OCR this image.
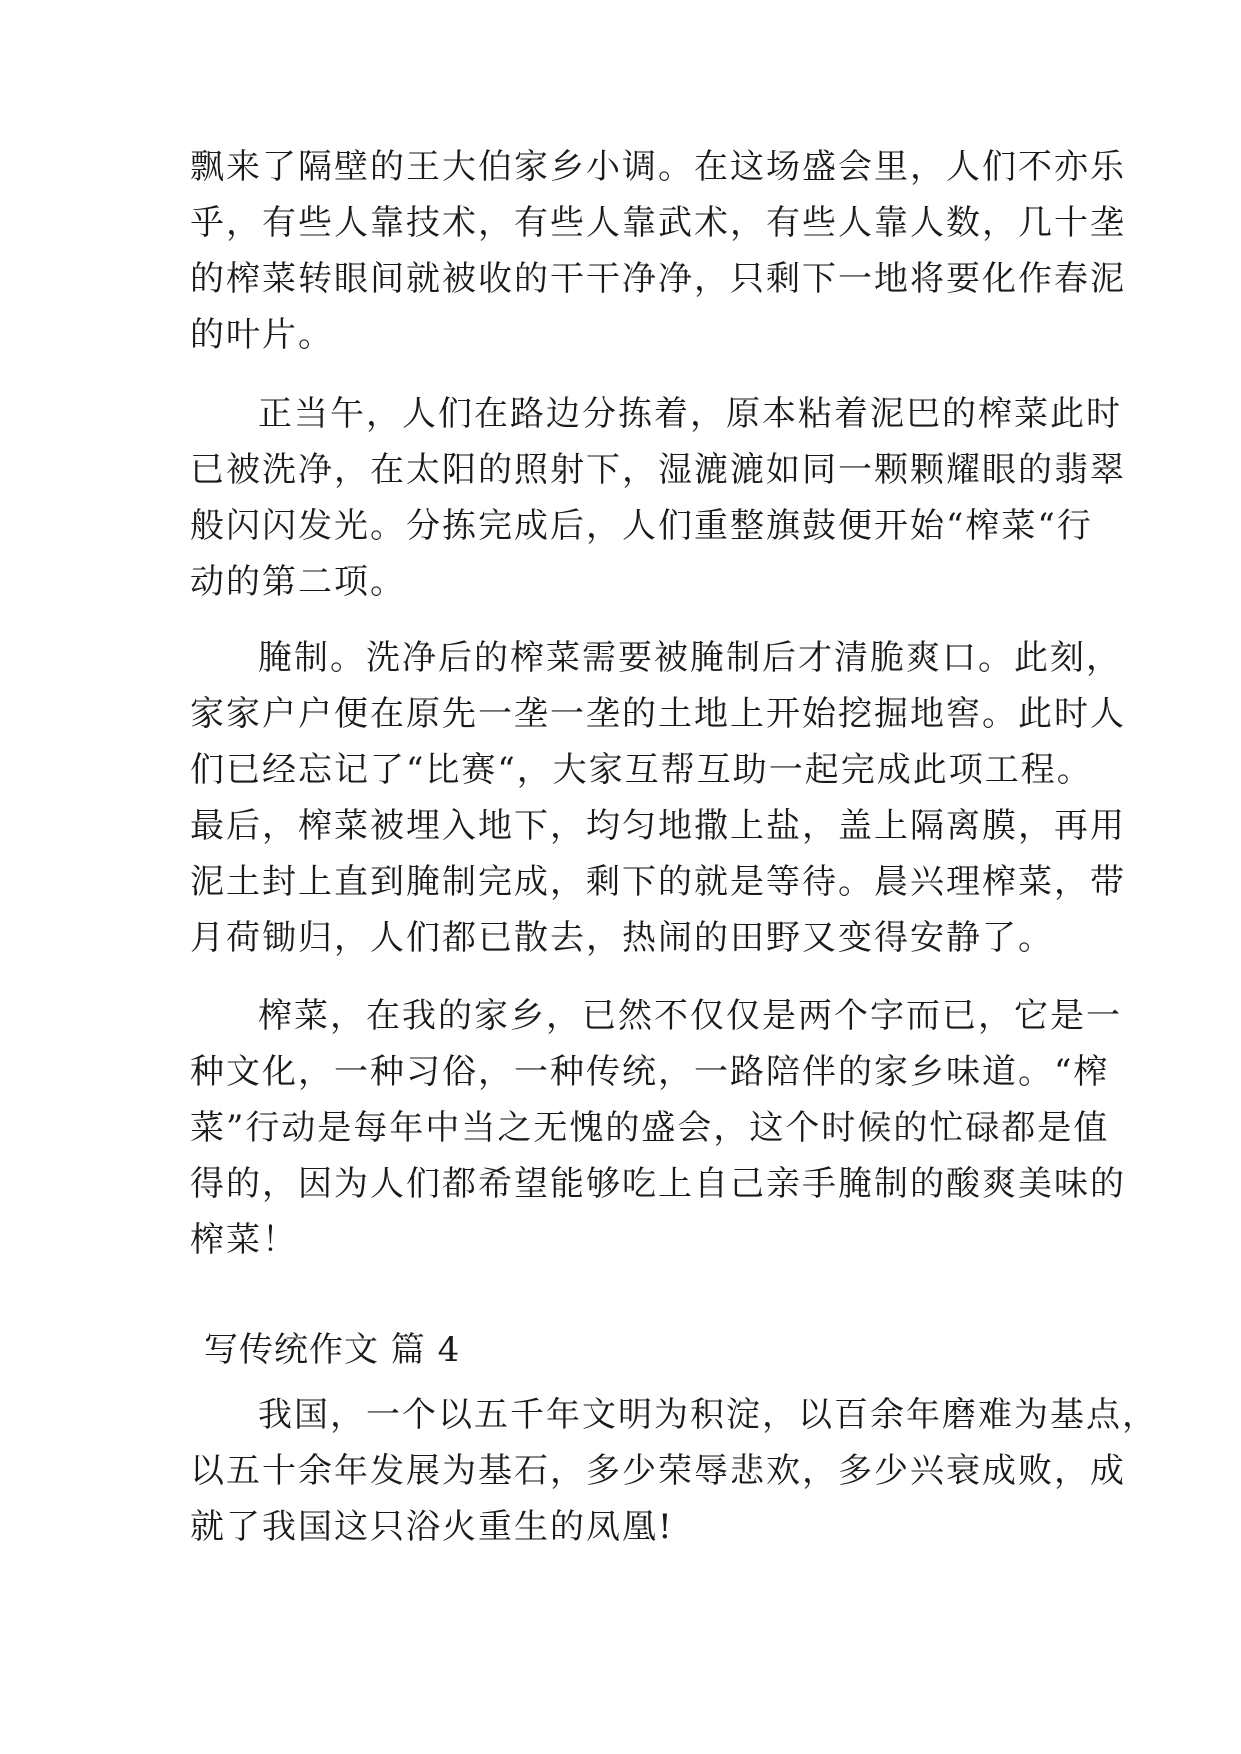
飘来了隔壁的王大伯家乡小调。在这场盛会里，人们不亦乐
乎，有些人靠技术，有些人靠武术，有些人靠人数，几十垄
的榨菜转眼间就被收的干干净净，只剩下一地将要化作春泥
的叶片。
正当午，人们在路边分拣着，原本粘着泥巴的榨菜此时
已被洗净，在太阳的照射下，湿漉漉如同一颗颗耀眼的翡翠
般闪闪发光。分拣完成后，人们重整旗鼓便开始“榨菜“行
动的第二项。
腌制。洗净后的榨菜需要被腌制后才清脆爽口。此刻，
家家户户便在原先一垄一垄的土地上开始挖掘地窖。此时人
们已经忘记了“比赛“，大家互帮互助一起完成此项工程。
最后，榨菜被埋入地下，均匀地撒上盐，盖上隔离膜，再用
泥土封上直到腌制完成，剩下的就是等待。晨兴理榨菜，带
月荷锄归，人们都已散去，热闹的田野又变得安静了。
榨菜，在我的家乡，已然不仅仅是两个字而已，它是一
种文化，一种习俗，一种传统，一路陪伴的家乡味道。“榨
菜”行动是每年中当之无愧的盛会，这个时候的忙碌都是值
得的，因为人们都希望能够吃上自己亲手腌制的酸爽美味的
榨菜！
写传统作文 篇 4
我国，一个以五千年文明为积淀，以百余年磨难为基点，
以五十余年发展为基石，多少荣辱悲欢，多少兴衰成败，成
就了我国这只浴火重生的凤凰!
